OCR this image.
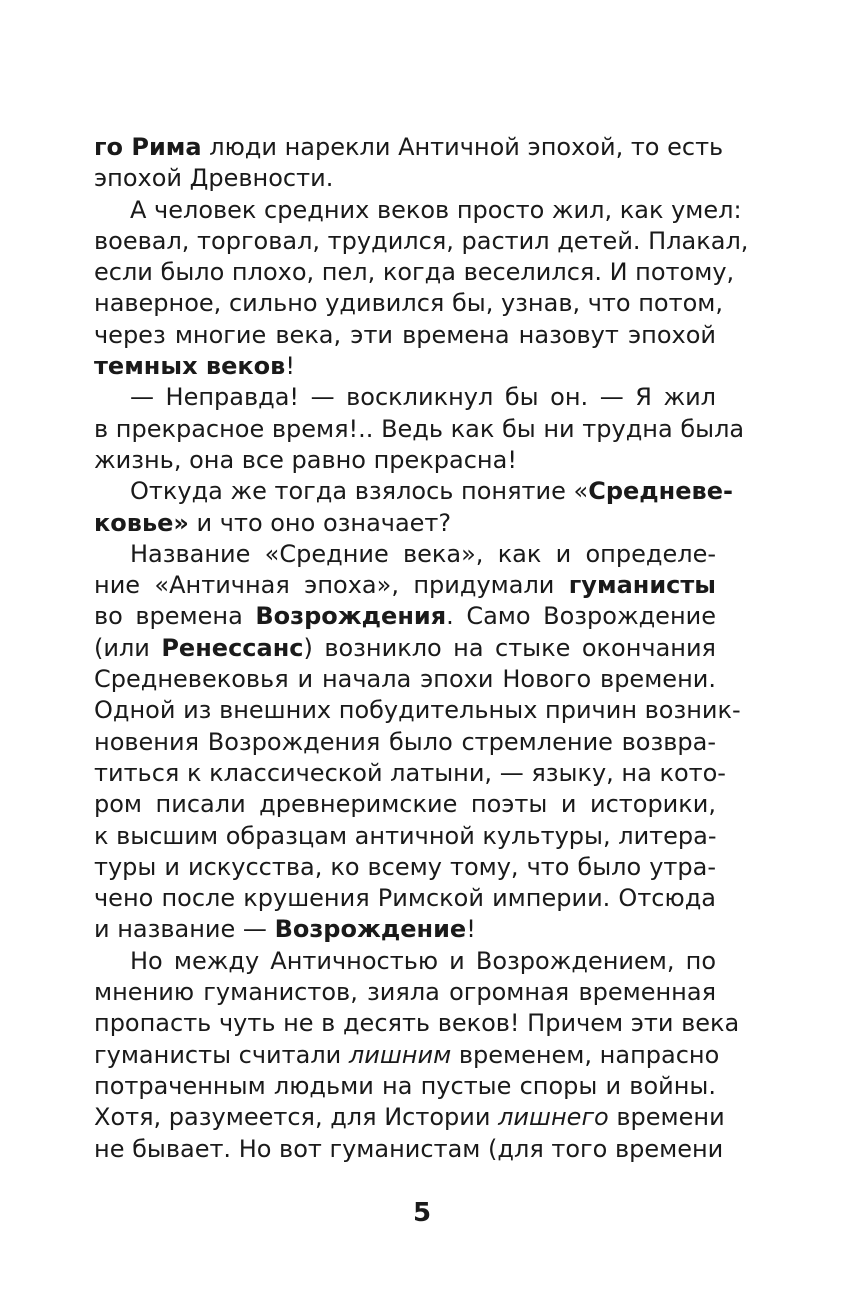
го Рима люди нарекли Античной эпохой, то есть
эпохой Древности.
А человек средних веков просто жил, как умел:
воевал, торговал, трудился, растил детей. Плакал,
если было плохо, пел, когда веселился. И потому,
наверное, сильно удивился бы, узнав, что потом,
через многие века, эти времена назовут эпохой
темных веков!
— Неправда! — воскликнул бы он. — Я жил
в прекрасное время!.. Ведь как бы ни трудна была
жизнь, она все равно прекрасна!
Откуда же тогда взялось понятие «Средневе-
ковье» и что оно означает?
Название «Средние века», как и определе-
ние «Античная эпоха», придумали гуманисты
во времена Возрождения. Само Возрождение
(или Ренессанс) возникло на стыке окончания
Средневековья и начала эпохи Нового времени.
Одной из внешних побудительных причин возник-
новения Возрождения было стремление возвра-
титься к классической латыни, — языку, на кото-
ром писали древнеримские поэты и историки,
к высшим образцам античной культуры, литера-
туры и искусства, ко всему тому, что было утра-
чено после крушения Римской империи. Отсюда
и название — Возрождение!
Но между Античностью и Возрождением, по
мнению гуманистов, зияла огромная временная
пропасть чуть не в десять веков! Причем эти века
гуманисты считали лишним временем, напрасно
потраченным людьми на пустые споры и войны.
Хотя, разумеется, для Истории лишнего времени
не бывает. Но вот гуманистам (для того времени
5
